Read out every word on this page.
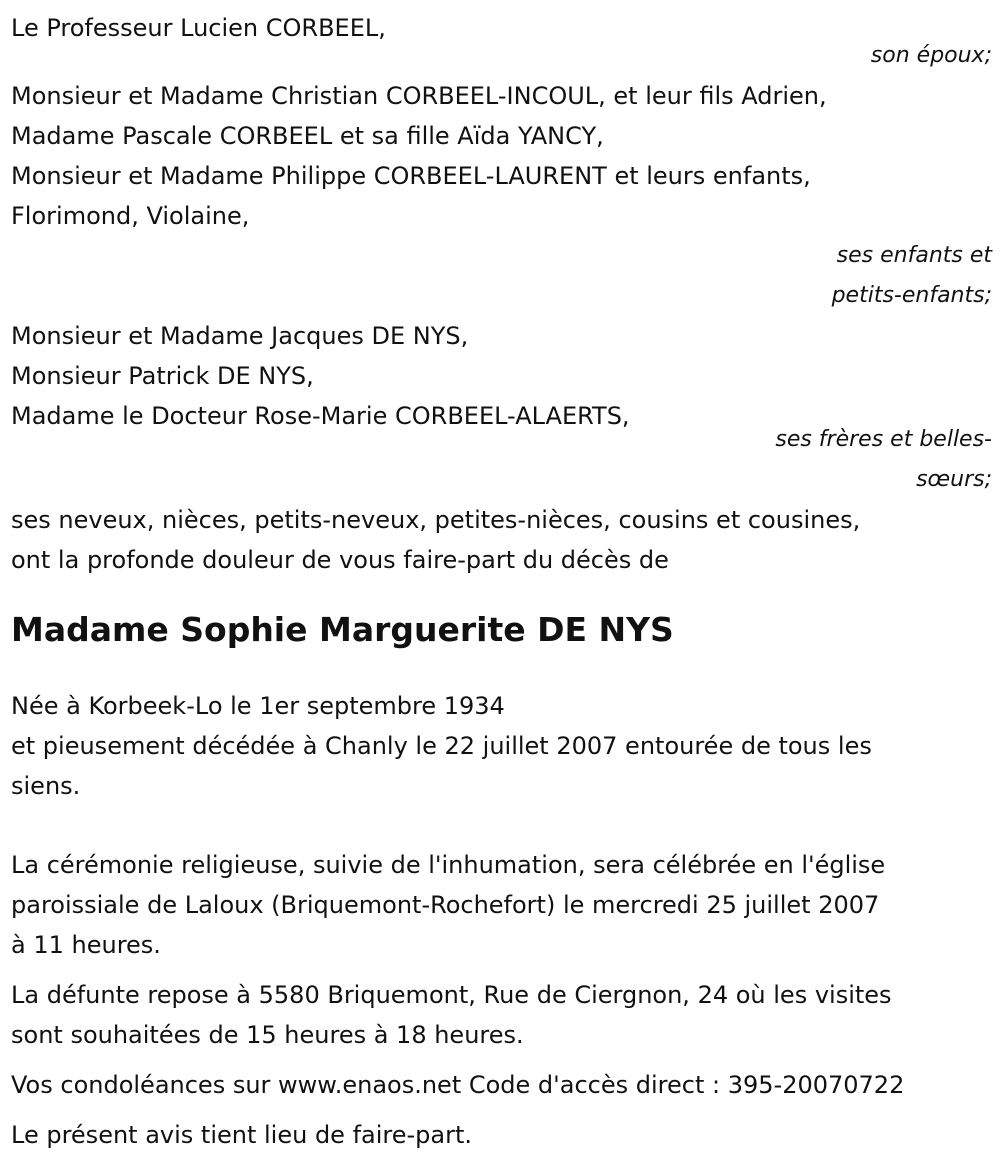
Le Professeur Lucien CORBEEL,

son époux;

Monsieur et Madame Christian CORBEEL-INCOUL, et leur fils Adrien,

Madame Pascale CORBEEL et sa fille Aïda YANCY,

Monsieur et Madame Philippe CORBEEL-LAURENT et leurs enfants,

Florimond, Violaine,

ses enfants et

petits-enfants;

Monsieur et Madame Jacques DE NYS,

Monsieur Patrick DE NYS,

Madame le Docteur Rose-Marie CORBEEL-ALAERTS,

ses frères et belles-

sœurs;

ses neveux, nièces, petits-neveux, petites-nièces, cousins et cousines,

ont la profonde douleur de vous faire-part du décès de

Madame Sophie Marguerite DE NYS

Née à Korbeek-Lo le 1er septembre 1934

et pieusement décédée à Chanly le 22 juillet 2007 entourée de tous les

siens.

La cérémonie religieuse, suivie de l'inhumation, sera célébrée en l'église

paroissiale de Laloux (Briquemont-Rochefort) le mercredi 25 juillet 2007

à 11 heures.

La défunte repose à 5580 Briquemont, Rue de Ciergnon, 24 où les visites

sont souhaitées de 15 heures à 18 heures.

Vos condoléances sur www.enaos.net Code d'accès direct : 395-20070722

Le présent avis tient lieu de faire-part.
